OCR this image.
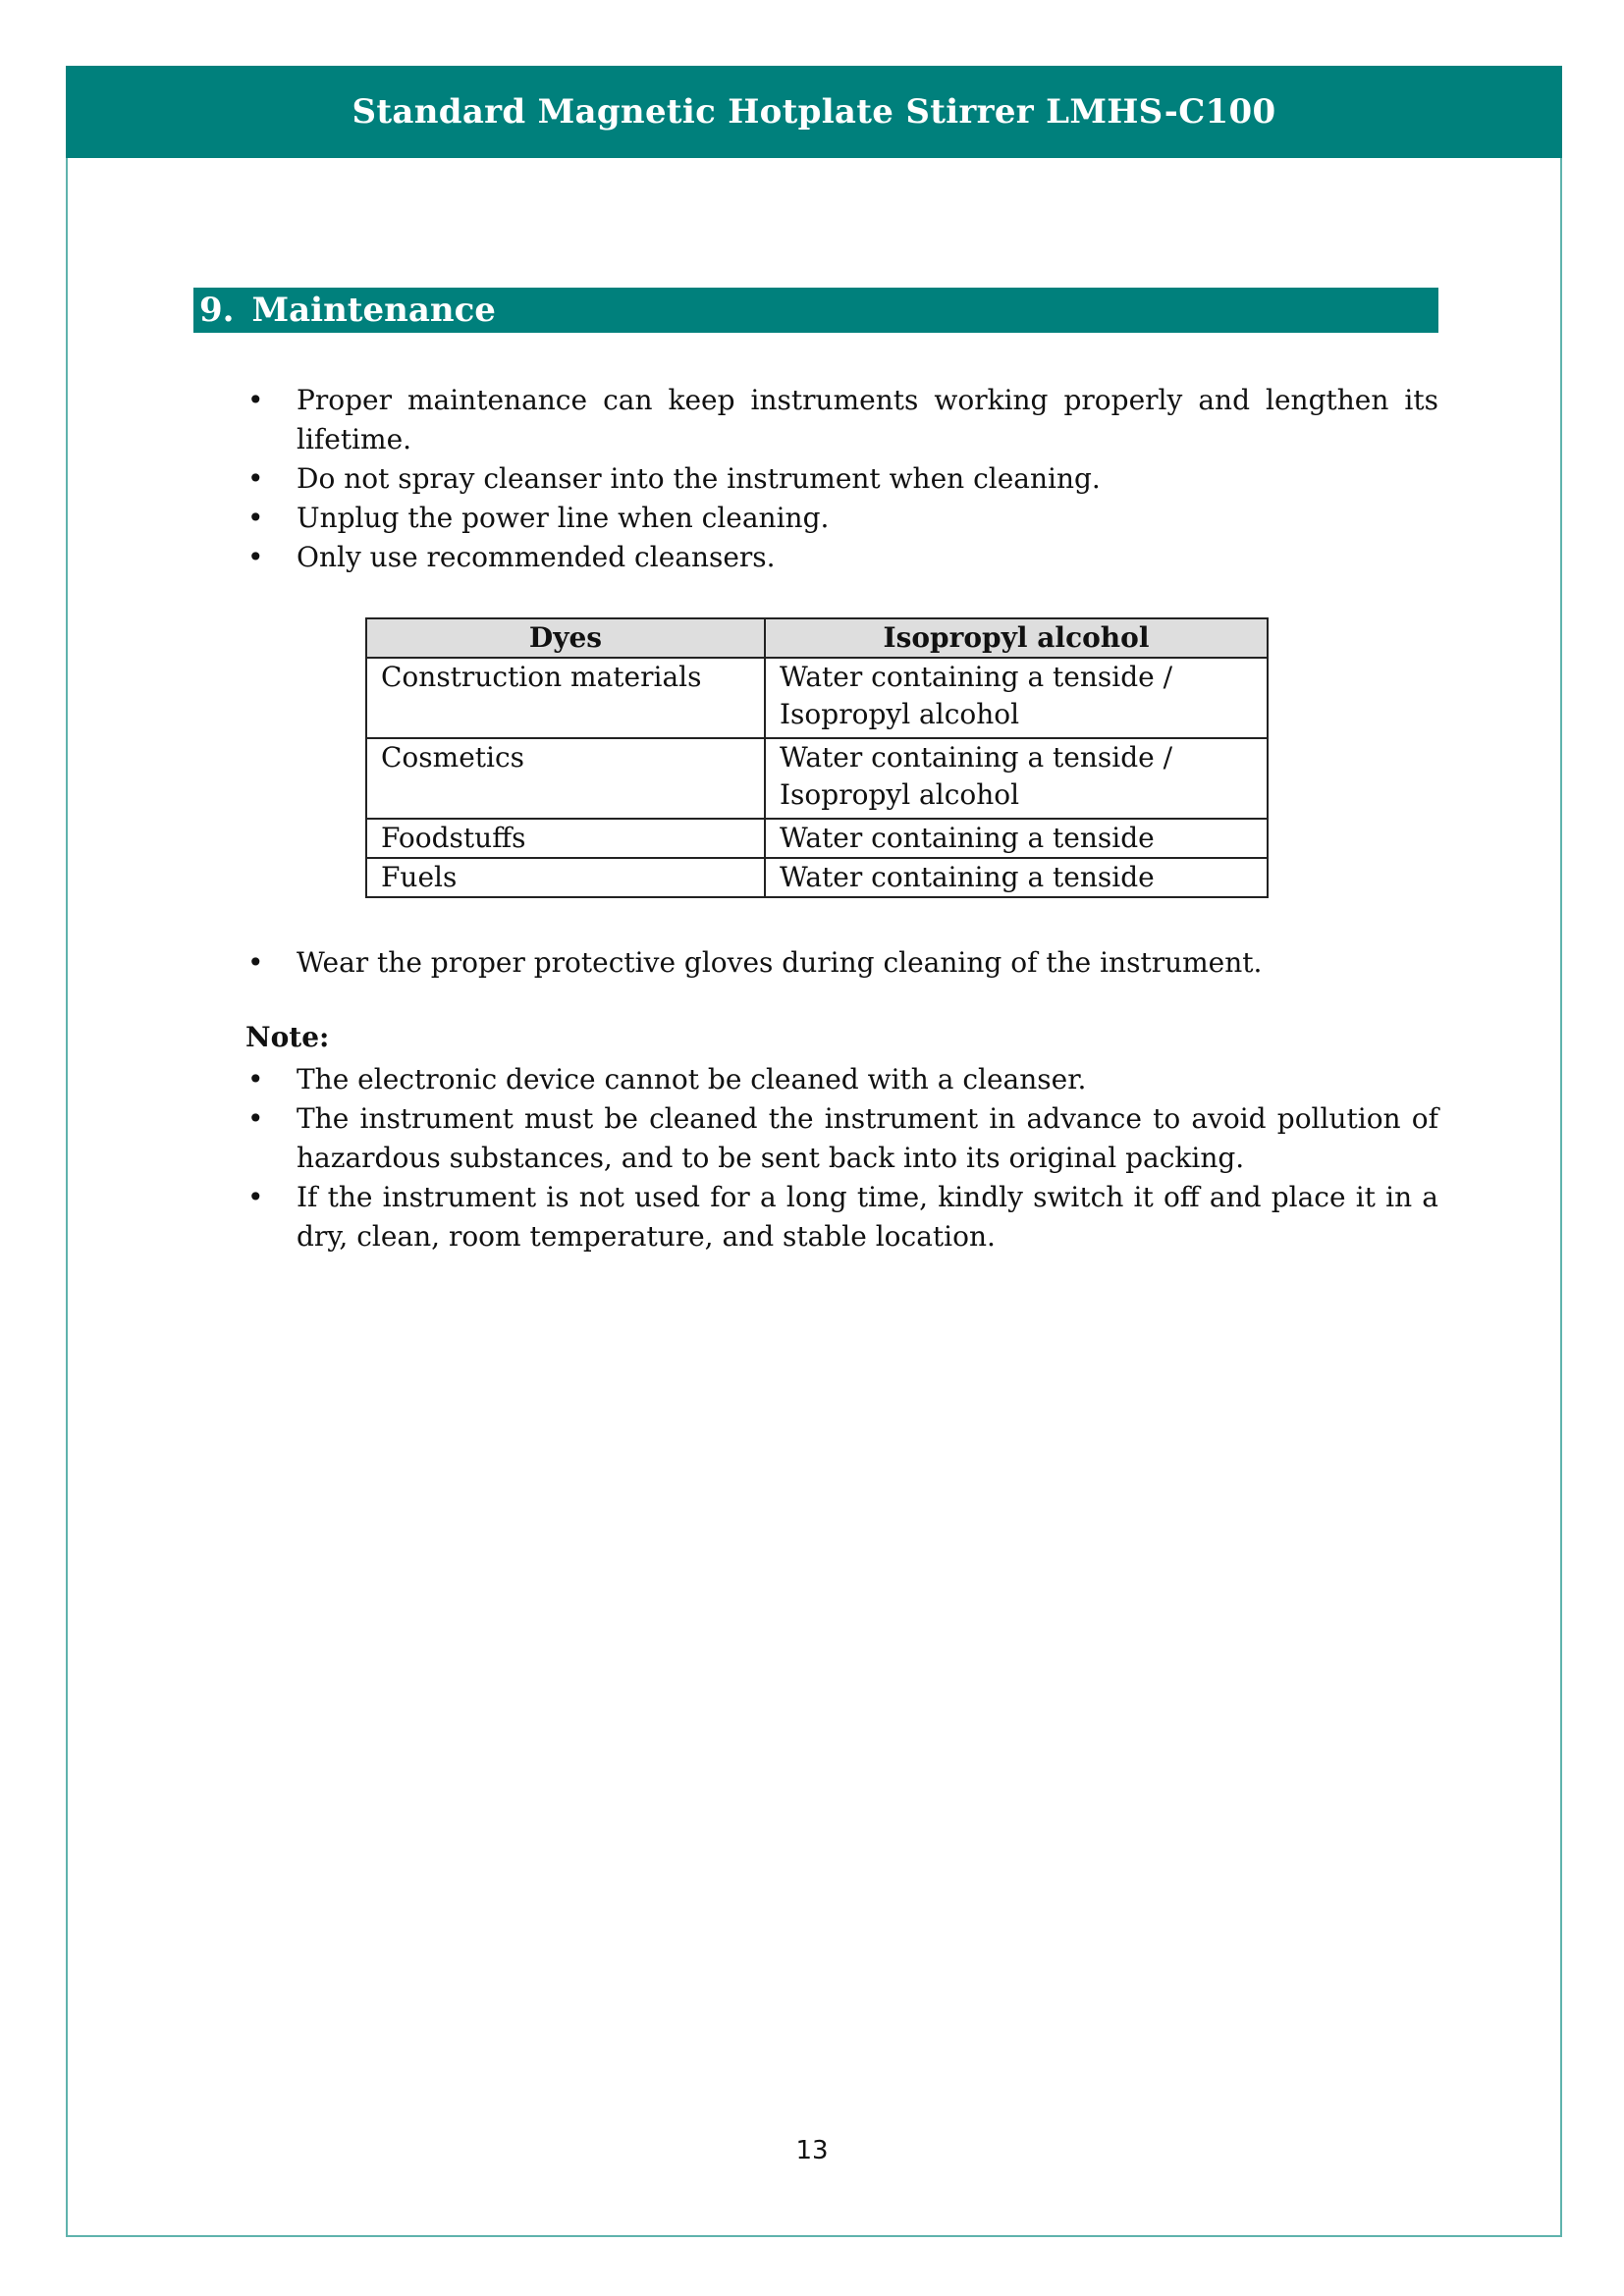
Standard Magnetic Hotplate Stirrer LMHS-C100
9. Maintenance
• Proper maintenance can keep instruments working properly and lengthen its lifetime.
• Do not spray cleanser into the instrument when cleaning.
• Unplug the power line when cleaning.
• Only use recommended cleansers.
Dyes	Isopropyl alcohol
Construction materials	Water containing a tenside / Isopropyl alcohol
Cosmetics	Water containing a tenside / Isopropyl alcohol
Foodstuffs	Water containing a tenside
Fuels	Water containing a tenside
• Wear the proper protective gloves during cleaning of the instrument.
Note:
• The electronic device cannot be cleaned with a cleanser.
• The instrument must be cleaned the instrument in advance to avoid pollution of hazardous substances, and to be sent back into its original packing.
• If the instrument is not used for a long time, kindly switch it off and place it in a dry, clean, room temperature, and stable location.
13
